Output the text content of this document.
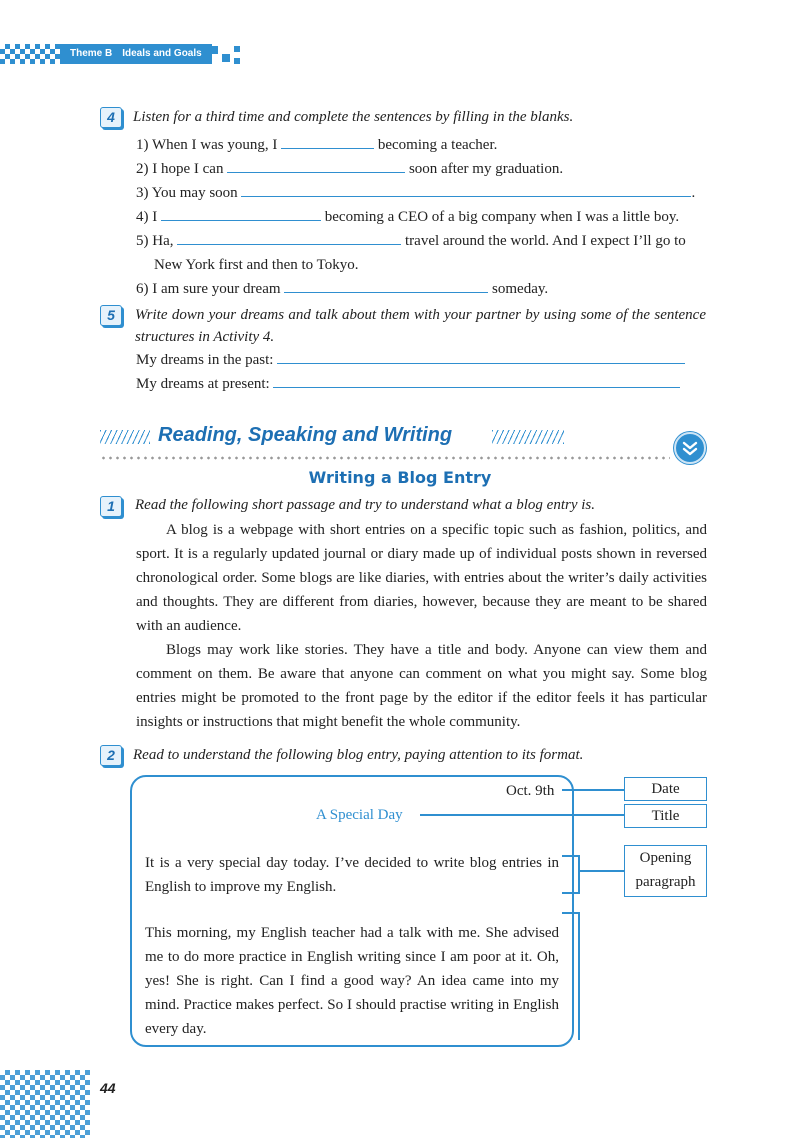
Theme B Ideals and Goals
4	Listen for a third time and complete the sentences by filling in the blanks.
1) When I was young, I	becoming a teacher.
2) I hope I can	soon after my graduation.
3) You may soon	.
4) I	becoming a CEO of a big company when I was a little boy.
5) Ha,	travel around the world. And I expect I’ll go to
New York first and then to Tokyo.
6) I am sure your dream	someday.
5	Write down your dreams and talk about them with your partner by using some of the sentence structures in Activity 4.
My dreams in the past:
My dreams at present:
Reading, Speaking and Writing
Writing a Blog Entry
1	Read the following short passage and try to understand what a blog entry is.
A blog is a webpage with short entries on a specific topic such as fashion, politics, and sport. It is a regularly updated journal or diary made up of individual posts shown in reversed chronological order. Some blogs are like diaries, with entries about the writer’s daily activities and thoughts. They are different from diaries, however, because they are meant to be shared with an audience.
Blogs may work like stories. They have a title and body. Anyone can view them and comment on them. Be aware that anyone can comment on what you might say. Some blog entries might be promoted to the front page by the editor if the editor feels it has particular insights or instructions that might benefit the whole community.
2	Read to understand the following blog entry, paying attention to its format.
Oct. 9th
A Special Day
It is a very special day today. I’ve decided to write blog entries in English to improve my English.
This morning, my English teacher had a talk with me. She advised me to do more practice in English writing since I am poor at it. Oh, yes! She is right. Can I find a good way? An idea came into my mind. Practice makes perfect. So I should practise writing in English every day.
Date
Title
Opening
paragraph
44
